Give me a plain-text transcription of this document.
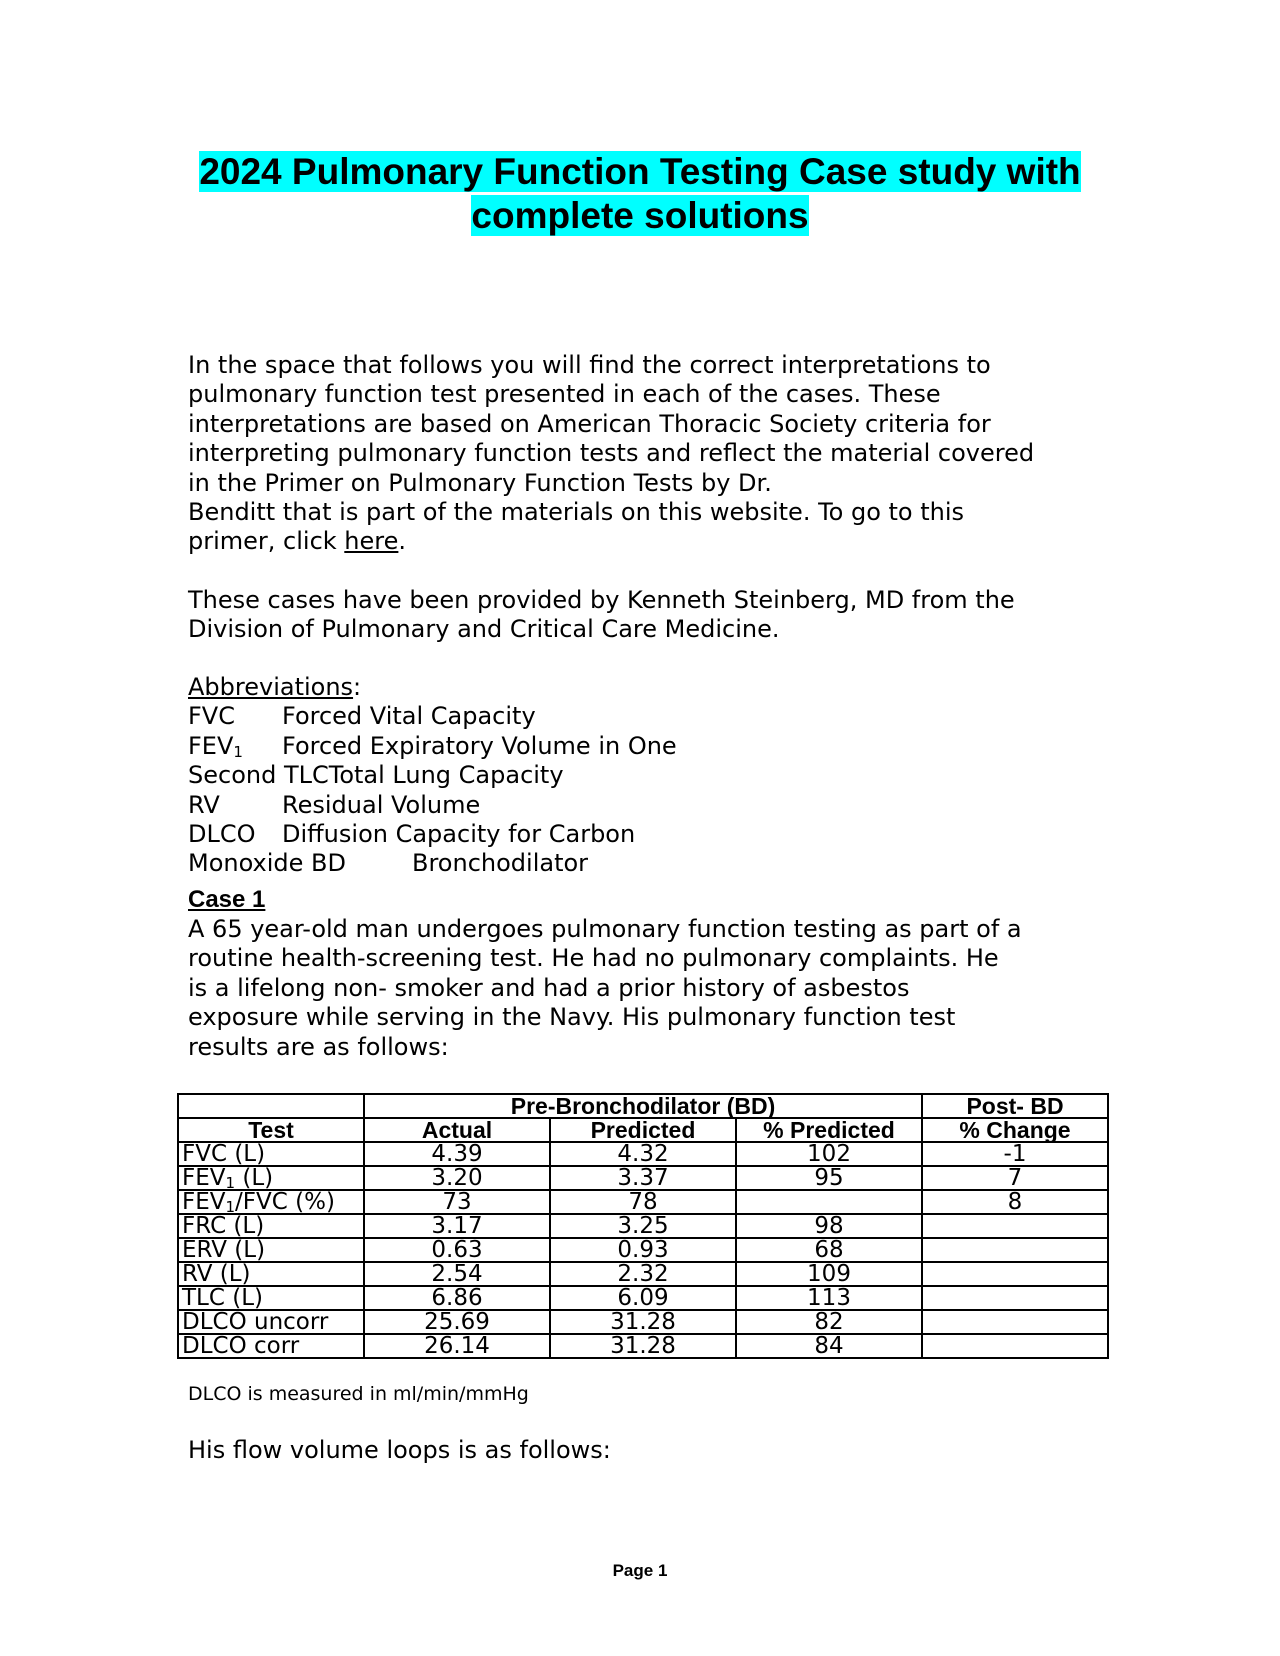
2024 Pulmonary Function Testing Case study with
complete solutions
In the space that follows you will find the correct interpretations to
pulmonary function test presented in each of the cases. These
interpretations are based on American Thoracic Society criteria for
interpreting pulmonary function tests and reflect the material covered
in the Primer on Pulmonary Function Tests by Dr.
Benditt that is part of the materials on this website. To go to this
primer, click here.
These cases have been provided by Kenneth Steinberg, MD from the
Division of Pulmonary and Critical Care Medicine.
Abbreviations:
FVC	Forced Vital Capacity
$FEV_1$	Forced Expiratory Volume in One
Second TLCTotal Lung Capacity
RV	Residual Volume
DLCO	Diffusion Capacity for Carbon
Monoxide BD	Bronchodilator
Case 1
A 65 year-old man undergoes pulmonary function testing as part of a
routine health-screening test. He had no pulmonary complaints. He
is a lifelong non- smoker and had a prior history of asbestos
exposure while serving in the Navy. His pulmonary function test
results are as follows:
	Pre-Bronchodilator (BD)			Post- BD
Test	Actual	Predicted	% Predicted	% Change
FVC (L)	4.39	4.32	102	-1
$FEV_1$ (L)	3.20	3.37	95	7
$FEV_1$/FVC (%)	73	78		8
FRC (L)	3.17	3.25	98	
ERV (L)	0.63	0.93	68	
RV (L)	2.54	2.32	109	
TLC (L)	6.86	6.09	113	
DLCO uncorr	25.69	31.28	82	
DLCO corr	26.14	31.28	84	
DLCO is measured in ml/min/mmHg
His flow volume loops is as follows:
Page 1
